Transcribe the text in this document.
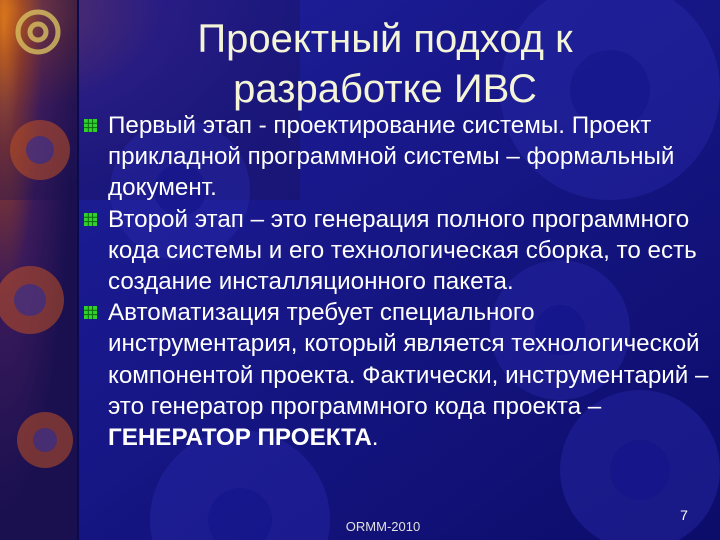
Проектный подход к
разработке ИВС
Первый этап - проектирование системы. Проект прикладной программной системы – формальный документ.
Второй этап – это генерация полного программного кода системы и его технологическая сборка, то есть создание инсталляционного пакета.
Автоматизация требует специального инструментария, который является технологической компонентой проекта. Фактически, инструментарий – это генератор программного кода проекта – ГЕНЕРАТОР ПРОЕКТА.
ORMM-2010
7
